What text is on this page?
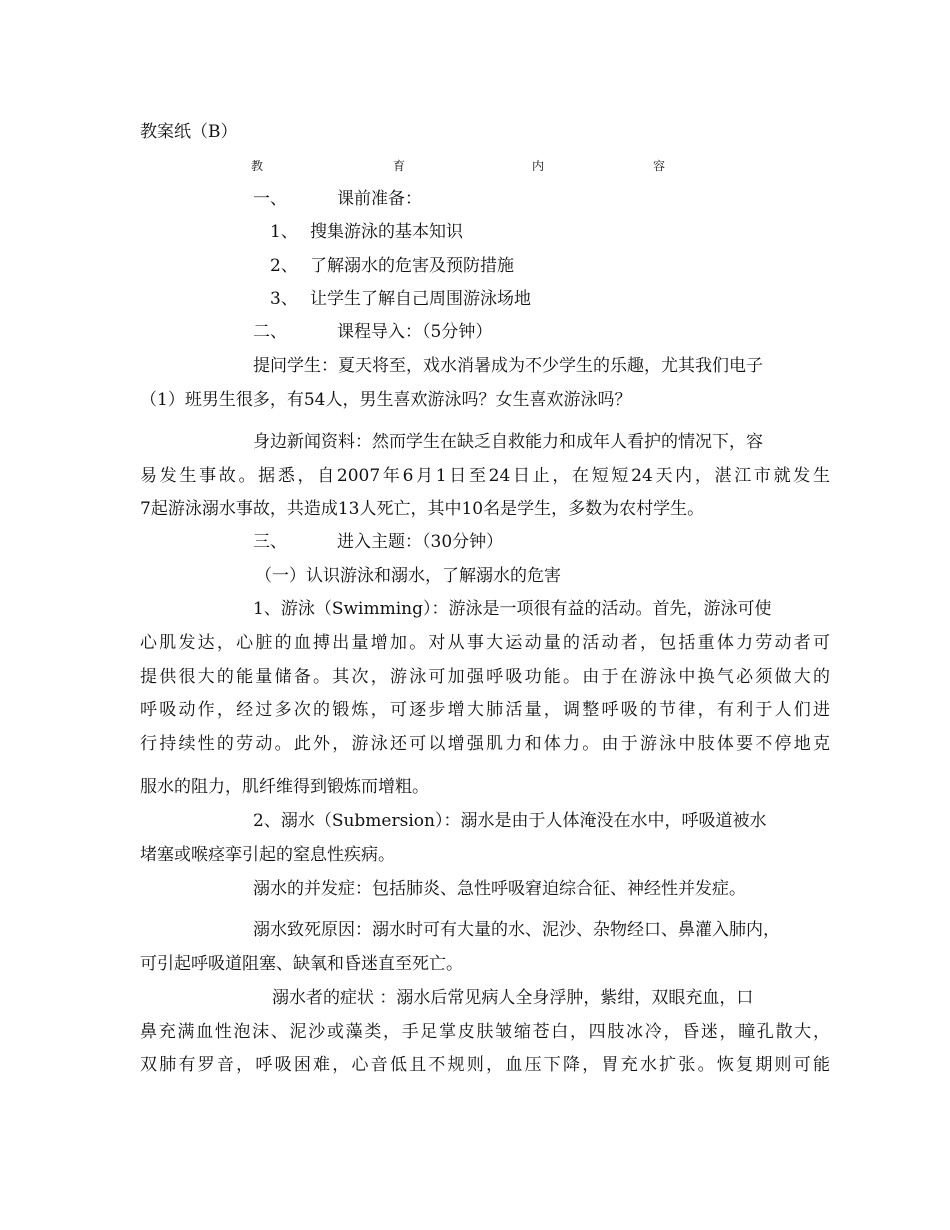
教案纸（B）
教	育	内	容
一、	课前准备：
1、 搜集游泳的基本知识
2、 了解溺水的危害及预防措施
3、 让学生了解自己周围游泳场地
二、	课程导入：（5分钟）
提问学生：夏天将至，戏水消暑成为不少学生的乐趣，尤其我们电子
（1）班男生很多，有54人，男生喜欢游泳吗？女生喜欢游泳吗？
身边新闻资料：然而学生在缺乏自救能力和成年人看护的情况下，容
易发生事故。据悉，自2007年6月1日至24日止，在短短24天内，湛江市就发生
7起游泳溺水事故，共造成13人死亡，其中10名是学生，多数为农村学生。
三、	进入主题：（30分钟）
（一）认识游泳和溺水，了解溺水的危害
1、游泳（Swimming）：游泳是一项很有益的活动。首先，游泳可使
心肌发达，心脏的血搏出量增加。对从事大运动量的活动者，包括重体力劳动者可
提供很大的能量储备。其次，游泳可加强呼吸功能。由于在游泳中换气必须做大的
呼吸动作，经过多次的锻炼，可逐步增大肺活量，调整呼吸的节律，有利于人们进
行持续性的劳动。此外，游泳还可以增强肌力和体力。由于游泳中肢体要不停地克
服水的阻力，肌纤维得到锻炼而增粗。
2、溺水（Submersion）：溺水是由于人体淹没在水中，呼吸道被水
堵塞或喉痉挛引起的窒息性疾病。
溺水的并发症：包括肺炎、急性呼吸窘迫综合征、神经性并发症。
溺水致死原因：溺水时可有大量的水、泥沙、杂物经口、鼻灌入肺内，
可引起呼吸道阻塞、缺氧和昏迷直至死亡。
溺水者的症状 ：溺水后常见病人全身浮肿，紫绀，双眼充血，口
鼻充满血性泡沫、泥沙或藻类，手足掌皮肤皱缩苍白，四肢冰冷，昏迷，瞳孔散大，
双肺有罗音，呼吸困难，心音低且不规则，血压下降，胃充水扩张。恢复期则可能
